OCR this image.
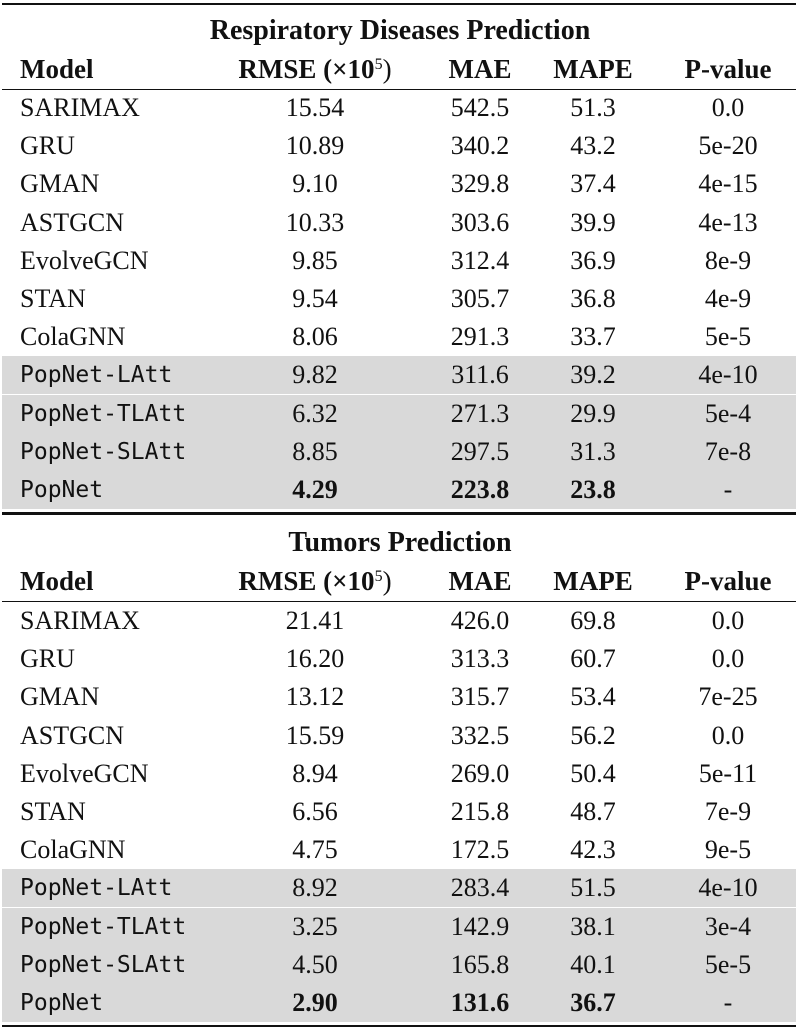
Respiratory Diseases Prediction
Model	RMSE $(\times 10^5)$	MAE	MAPE	P-value
SARIMAX	15.54	542.5	51.3	0.0
GRU	10.89	340.2	43.2	5e-20
GMAN	9.10	329.8	37.4	4e-15
ASTGCN	10.33	303.6	39.9	4e-13
EvolveGCN	9.85	312.4	36.9	8e-9
STAN	9.54	305.7	36.8	4e-9
ColaGNN	8.06	291.3	33.7	5e-5
PopNet-LAtt	9.82	311.6	39.2	4e-10
PopNet-TLAtt	6.32	271.3	29.9	5e-4
PopNet-SLAtt	8.85	297.5	31.3	7e-8
PopNet	4.29	223.8	23.8	-
Tumors Prediction
Model	RMSE $(\times 10^5)$	MAE	MAPE	P-value
SARIMAX	21.41	426.0	69.8	0.0
GRU	16.20	313.3	60.7	0.0
GMAN	13.12	315.7	53.4	7e-25
ASTGCN	15.59	332.5	56.2	0.0
EvolveGCN	8.94	269.0	50.4	5e-11
STAN	6.56	215.8	48.7	7e-9
ColaGNN	4.75	172.5	42.3	9e-5
PopNet-LAtt	8.92	283.4	51.5	4e-10
PopNet-TLAtt	3.25	142.9	38.1	3e-4
PopNet-SLAtt	4.50	165.8	40.1	5e-5
PopNet	2.90	131.6	36.7	-
